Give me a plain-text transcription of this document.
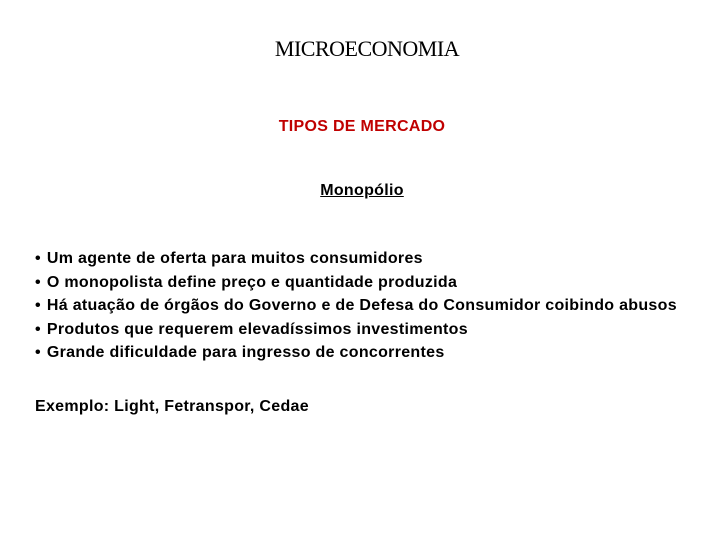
MICROECONOMIA
TIPOS DE MERCADO
Monopólio
• Um agente de oferta para muitos consumidores
• O monopolista define preço e quantidade produzida
• Há atuação de órgãos do Governo e de Defesa do Consumidor coibindo abusos
• Produtos que requerem elevadíssimos investimentos
• Grande dificuldade para ingresso de concorrentes
Exemplo: Light, Fetranspor, Cedae
